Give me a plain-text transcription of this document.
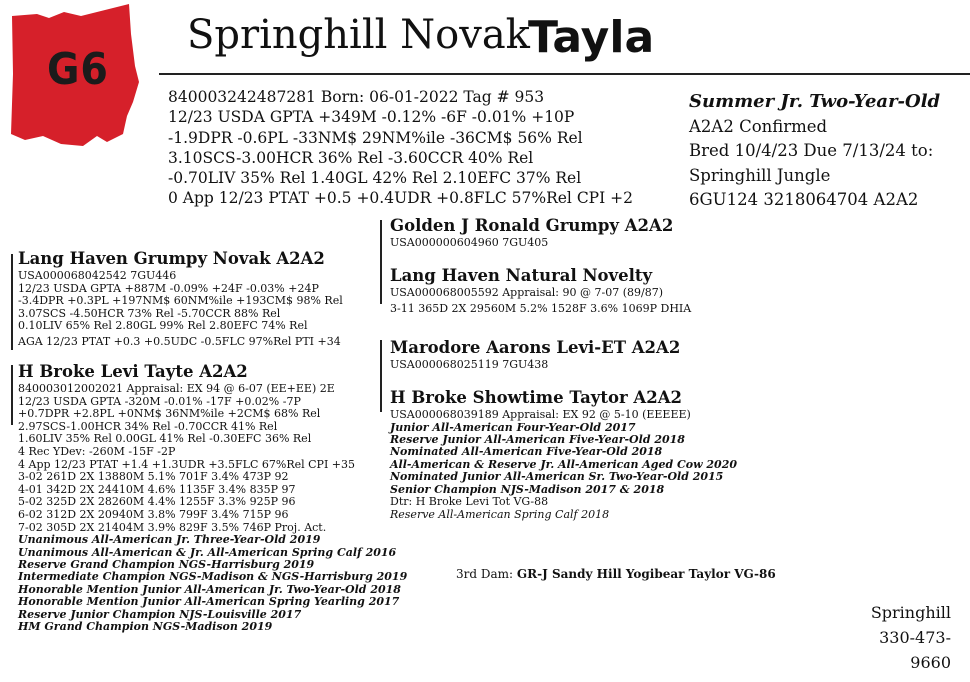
G6
Springhill Novak
Tayla
840003242487281 Born: 06-01-2022 Tag # 953
12/23 USDA GPTA +349M -0.12% -6F -0.01% +10P
-1.9DPR -0.6PL -33NM$ 29NM%ile -36CM$ 56% Rel
3.10SCS-3.00HCR 36% Rel -3.60CCR 40% Rel
-0.70LIV 35% Rel 1.40GL 42% Rel 2.10EFC 37% Rel
0 App 12/23 PTAT +0.5 +0.4UDR +0.8FLC 57%Rel CPI +2
Summer Jr. Two-Year-Old
A2A2 Confirmed
Bred 10/4/23 Due 7/13/24 to:
Springhill Jungle
6GU124 3218064704 A2A2
Lang Haven Grumpy Novak A2A2
USA000068042542 7GU446
12/23 USDA GPTA +887M -0.09% +24F -0.03% +24P
-3.4DPR +0.3PL +197NM$ 60NM%ile +193CM$ 98% Rel
3.07SCS -4.50HCR 73% Rel -5.70CCR 88% Rel
0.10LIV 65% Rel 2.80GL 99% Rel 2.80EFC 74% Rel
AGA 12/23 PTAT +0.3 +0.5UDC -0.5FLC 97%Rel PTI +34
H Broke Levi Tayte A2A2
840003012002021 Appraisal: EX 94 @ 6-07 (EE+EE) 2E
12/23 USDA GPTA -320M -0.01% -17F +0.02% -7P
+0.7DPR +2.8PL +0NM$ 36NM%ile +2CM$ 68% Rel
2.97SCS-1.00HCR 34% Rel -0.70CCR 41% Rel
1.60LIV 35% Rel 0.00GL 41% Rel -0.30EFC 36% Rel
4 Rec YDev: -260M -15F -2P
4 App 12/23 PTAT +1.4 +1.3UDR +3.5FLC 67%Rel CPI +35
3-02 261D 2X 13880M 5.1% 701F 3.4% 473P 92
4-01 342D 2X 24410M 4.6% 1135F 3.4% 835P 97
5-02 325D 2X 28260M 4.4% 1255F 3.3% 925P 96
6-02 312D 2X 20940M 3.8% 799F 3.4% 715P 96
7-02 305D 2X 21404M 3.9% 829F 3.5% 746P Proj. Act.
Unanimous All-American Jr. Three-Year-Old 2019
Unanimous All-American & Jr. All-American Spring Calf 2016
Reserve Grand Champion NGS-Harrisburg 2019
Intermediate Champion NGS-Madison & NGS-Harrisburg 2019
Honorable Mention Junior All-American Jr. Two-Year-Old 2018
Honorable Mention Junior All-American Spring Yearling 2017
Reserve Junior Champion NJS-Louisville 2017
HM Grand Champion NGS-Madison 2019
Golden J Ronald Grumpy A2A2
USA000000604960 7GU405
Lang Haven Natural Novelty
USA000068005592 Appraisal: 90 @ 7-07 (89/87)
3-11 365D 2X 29560M 5.2% 1528F 3.6% 1069P DHIA
Marodore Aarons Levi-ET A2A2
USA000068025119 7GU438
H Broke Showtime Taytor A2A2
USA000068039189 Appraisal: EX 92 @ 5-10 (EEEEE)
Junior All-American Four-Year-Old 2017
Reserve Junior All-American Five-Year-Old 2018
Nominated All-American Five-Year-Old 2018
All-American & Reserve Jr. All-American Aged Cow 2020
Nominated Junior All-American Sr. Two-Year-Old 2015
Senior Champion NJS-Madison 2017 & 2018
Dtr: H Broke Levi Tot VG-88
Reserve All-American Spring Calf 2018
3rd Dam: GR-J Sandy Hill Yogibear Taylor VG-86
Springhill
330-473-9660
